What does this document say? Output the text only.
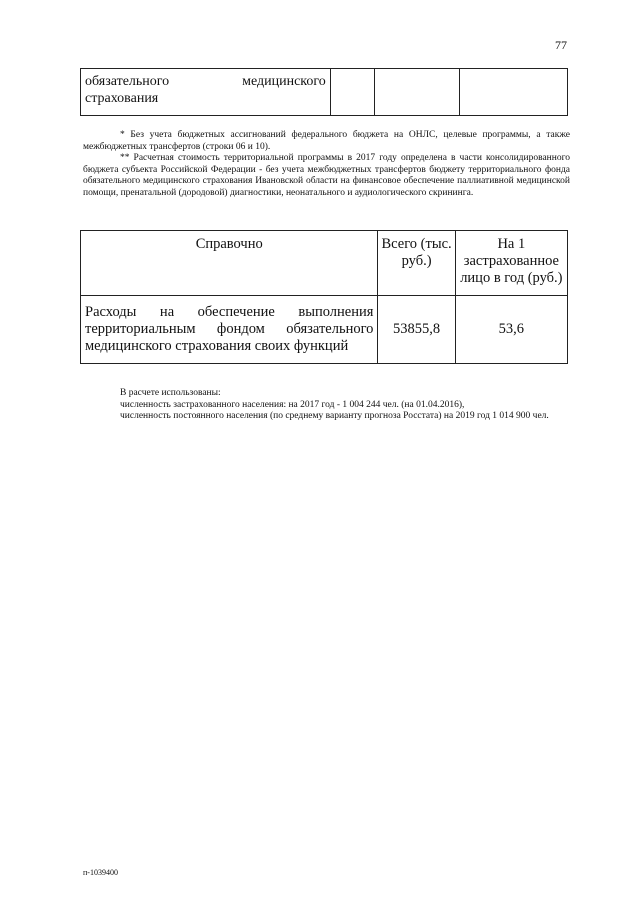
77
обязательного медицинского страхования

* Без учета бюджетных ассигнований федерального бюджета на ОНЛС, целевые программы, а также межбюджетных трансфертов (строки 06 и 10).

** Расчетная стоимость территориальной программы в 2017 году определена в части консолидированного бюджета субъекта Российской Федерации - без учета межбюджетных трансфертов бюджету территориального фонда обязательного медицинского страхования Ивановской области на финансовое обеспечение паллиативной медицинской помощи, пренатальной (дородовой) диагностики, неонатального и аудиологического скрининга.

Справочно	Всего (тыс. руб.)	На 1 застрахованное лицо в год (руб.)
Расходы на обеспечение выполнения территориальным фондом обязательного медицинского страхования своих функций	53855,8	53,6

В расчете использованы:

численность застрахованного населения: на 2017 год - 1 004 244 чел. (на 01.04.2016),

численность постоянного населения (по среднему варианту прогноза Росстата) на 2019 год 1 014 900 чел.

п-1039400
